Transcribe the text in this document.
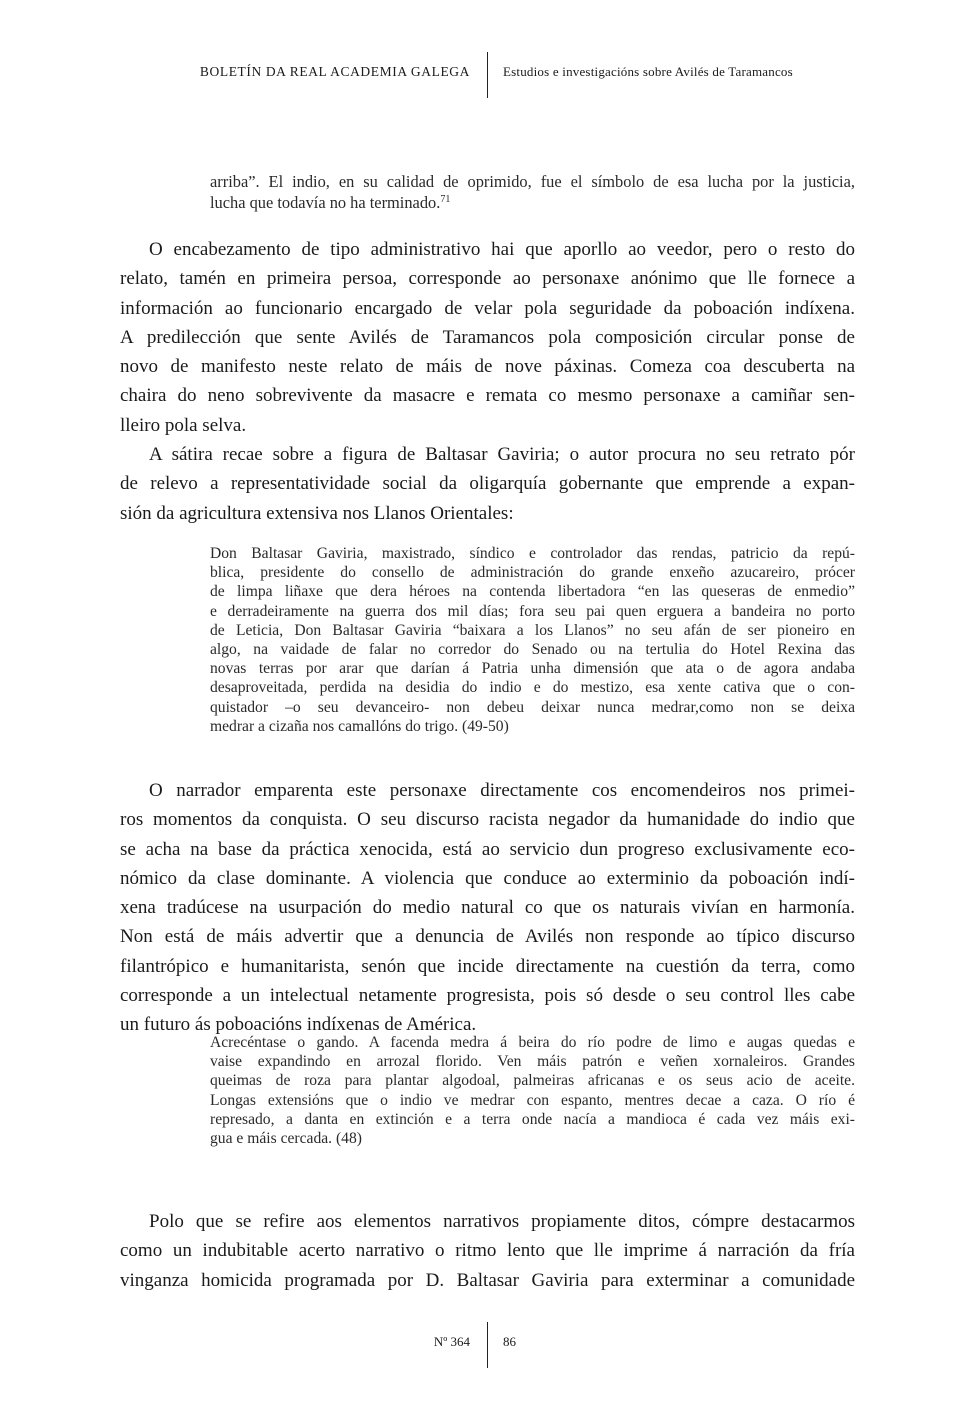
BOLETÍN DA REAL ACADEMIA GALEGA	Estudios e investigacións sobre Avilés de Taramancos
arriba”. El indio, en su calidad de oprimido, fue el símbolo de esa lucha por la justicia,
lucha que todavía no ha terminado.$^{71}$
O encabezamento de tipo administrativo hai que aporllo ao veedor, pero o resto do
relato, tamén en primeira persoa, corresponde ao personaxe anónimo que lle fornece a
información ao funcionario encargado de velar pola seguridade da poboación indíxena.
A predilección que sente Avilés de Taramancos pola composición circular ponse de
novo de manifesto neste relato de máis de nove páxinas. Comeza coa descuberta na
chaira do neno sobrevivente da masacre e remata co mesmo personaxe a camiñar sen-
lleiro pola selva.
A sátira recae sobre a figura de Baltasar Gaviria; o autor procura no seu retrato pór
de relevo a representatividade social da oligarquía gobernante que emprende a expan-
sión da agricultura extensiva nos Llanos Orientales:
Don Baltasar Gaviria, maxistrado, síndico e controlador das rendas, patricio da repú-
blica, presidente do consello de administración do grande enxeño azucareiro, prócer
de limpa liñaxe que dera héroes na contenda libertadora “en las queseras de enmedio”
e derradeiramente na guerra dos mil días; fora seu pai quen erguera a bandeira no porto
de Leticia, Don Baltasar Gaviria “baixara a los Llanos” no seu afán de ser pioneiro en
algo, na vaidade de falar no corredor do Senado ou na tertulia do Hotel Rexina das
novas terras por arar que darían á Patria unha dimensión que ata o de agora andaba
desaproveitada, perdida na desidia do indio e do mestizo, esa xente cativa que o con-
quistador –o seu devanceiro- non debeu deixar nunca medrar,como non se deixa
medrar a cizaña nos camallóns do trigo. (49-50)
O narrador emparenta este personaxe directamente cos encomendeiros nos primei-
ros momentos da conquista. O seu discurso racista negador da humanidade do indio que
se acha na base da práctica xenocida, está ao servicio dun progreso exclusivamente eco-
nómico da clase dominante. A violencia que conduce ao exterminio da poboación indí-
xena tradúcese na usurpación do medio natural co que os naturais vivían en harmonía.
Non está de máis advertir que a denuncia de Avilés non responde ao típico discurso
filantrópico e humanitarista, senón que incide directamente na cuestión da terra, como
corresponde a un intelectual netamente progresista, pois só desde o seu control lles cabe
un futuro ás poboacións indíxenas de América.
Acrecéntase o gando. A facenda medra á beira do río podre de limo e augas quedas e
vaise expandindo en arrozal florido. Ven máis patrón e veñen xornaleiros. Grandes
queimas de roza para plantar algodoal, palmeiras africanas e os seus acio de aceite.
Longas extensións que o indio ve medrar con espanto, mentres decae a caza. O río é
represado, a danta en extinción e a terra onde nacía a mandioca é cada vez máis exi-
gua e máis cercada. (48)
Polo que se refire aos elementos narrativos propiamente ditos, cómpre destacarmos
como un indubitable acerto narrativo o ritmo lento que lle imprime á narración da fría
vinganza homicida programada por D. Baltasar Gaviria para exterminar a comunidade
Nº 364	86
